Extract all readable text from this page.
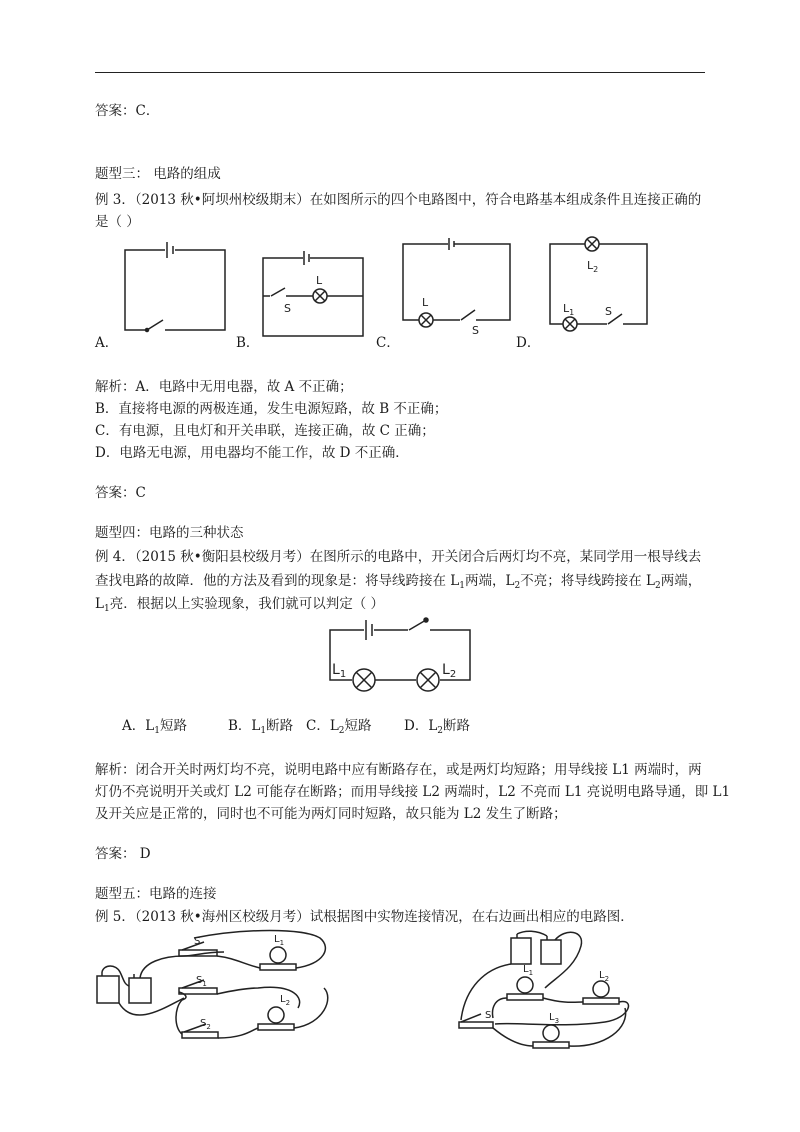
答案：C．
题型三： 电路的组成
例 3．（2013 秋•阿坝州校级期末）在如图所示的四个电路图中，符合电路基本组成条件且连接正确的
是（ ）
A．
S
L
B．
L
S
C．
$L_2$
$L_1$	S
D．
解析：A．电路中无用电器，故 A 不正确；
B．直接将电源的两极连通，发生电源短路，故 B 不正确；
C．有电源，且电灯和开关串联，连接正确，故 C 正确；
D．电路无电源，用电器均不能工作，故 D 不正确．
答案：C
题型四：电路的三种状态
例 4．（2015 秋•衡阳县校级月考）在图所示的电路中，开关闭合后两灯均不亮，某同学用一根导线去
查找电路的故障．他的方法及看到的现象是：将导线跨接在 $L_1$两端，$L_2$不亮；将导线跨接在 $L_2$两端，
$L_1$亮．根据以上实验现象，我们就可以判定（ ）
$L_1$	$L_2$
A．$L_1$短路	B．$L_1$断路 C．$L_2$短路 D．$L_2$断路
解析：闭合开关时两灯均不亮，说明电路中应有断路存在，或是两灯均短路；用导线接 L1 两端时，两
灯仍不亮说明开关或灯 L2 可能存在断路；而用导线接 L2 两端时，L2 不亮而 L1 亮说明电路导通，即 L1
及开关应是正常的，同时也不可能为两灯同时短路，故只能为 L2 发生了断路；
答案： D
题型五：电路的连接
例 5．（2013 秋•海州区校级月考）试根据图中实物连接情况，在右边画出相应的电路图．
S
$S_1$
$S_2$
$L_1$
$L_2$
$L_1$	$L_2$
S	$L_3$
